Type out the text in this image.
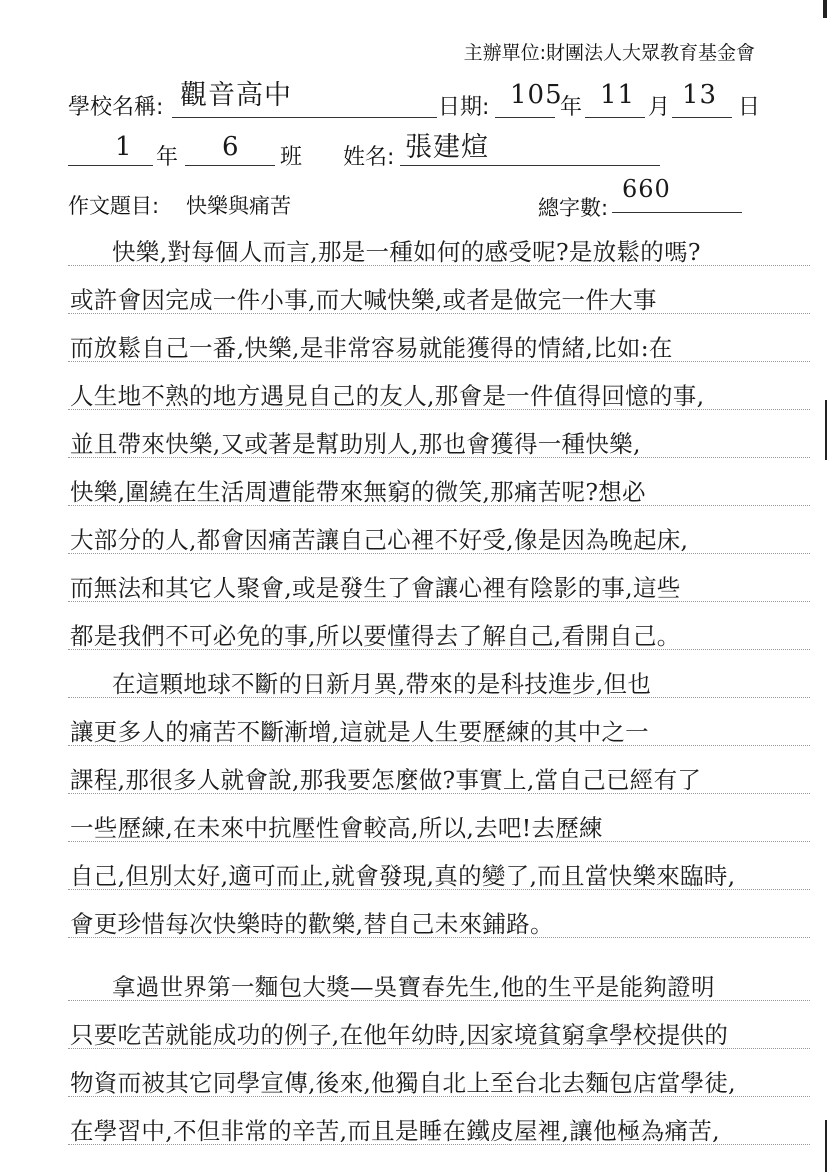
主辦單位:財團法人大眾教育基金會
學校名稱: 觀音高中	日期: 105
年 11 月 13 日
1 年 6 班 姓名: 張建煊
作文題目: 快樂與痛苦	總字數:
660
快樂,對每個人而言,那是一種如何的感受呢?是放鬆的嗎?
或許會因完成一件小事,而大喊快樂,或者是做完一件大事
而放鬆自己一番,快樂,是非常容易就能獲得的情緒,比如:在
人生地不熟的地方遇見自己的友人,那會是一件值得回憶的事,
並且帶來快樂,又或著是幫助別人,那也會獲得一種快樂,
快樂,圍繞在生活周遭能帶來無窮的微笑,那痛苦呢?想必
大部分的人,都會因痛苦讓自己心裡不好受,像是因為晚起床,
而無法和其它人聚會,或是發生了會讓心裡有陰影的事,這些
都是我們不可必免的事,所以要懂得去了解自己,看開自己。
在這顆地球不斷的日新月異,帶來的是科技進步,但也
讓更多人的痛苦不斷漸增,這就是人生要歷練的其中之一
課程,那很多人就會說,那我要怎麼做?事實上,當自己已經有了
一些歷練,在未來中抗壓性會較高,所以,去吧!去歷練
自己,但別太好,適可而止,就會發現,真的變了,而且當快樂來臨時,
會更珍惜每次快樂時的歡樂,替自己未來鋪路。
拿過世界第一麵包大獎—吳寶春先生,他的生平是能夠證明
只要吃苦就能成功的例子,在他年幼時,因家境貧窮拿學校提供的
物資而被其它同學宣傳,後來,他獨自北上至台北去麵包店當學徒,
在學習中,不但非常的辛苦,而且是睡在鐵皮屋裡,讓他極為痛苦,
